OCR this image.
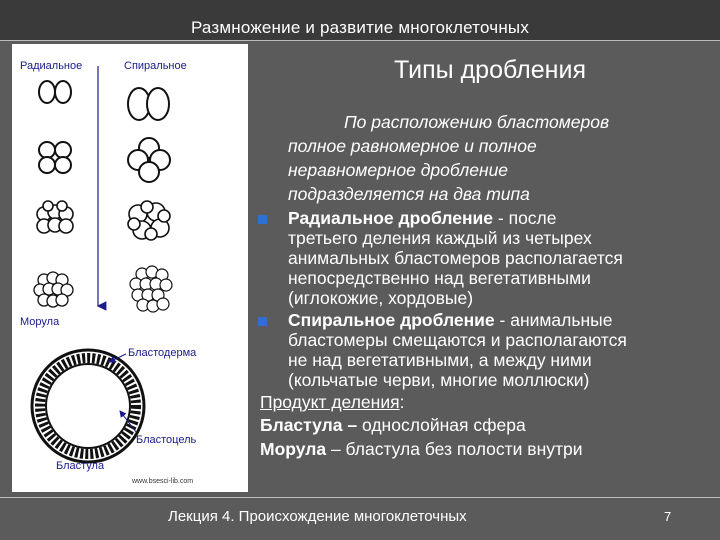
Размножение и развитие многоклеточных
Радиальное	Спиральное
Морула
Бластодерма
Бластоцель
Бластула
www.bsesci-lib.com
Типы дробления
По расположению бластомеров
полное равномерное и полное
неравномерное дробление
подразделяется на два типа
Радиальное дробление - после
третьего деления каждый из четырех
анимальных бластомеров располагается
непосредственно над вегетативными
(иглокожие, хордовые)
Спиральное дробление - анимальные
бластомеры смещаются и располагаются
не над вегетативными, а между ними
(кольчатые черви, многие моллюски)
Продукт деления:
Бластула – однослойная сфера
Морула – бластула без полости внутри
Лекция 4. Происхождение многоклеточных	7
